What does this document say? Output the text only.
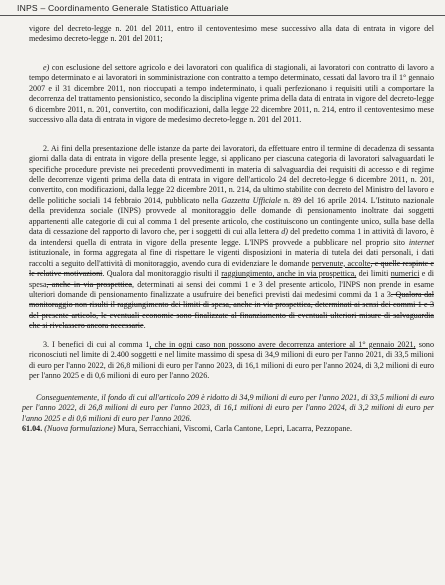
INPS – Coordinamento Generale Statistico Attuariale

vigore del decreto-legge n. 201 del 2011, entro il centoventesimo mese successivo alla data di entrata in vigore del medesimo decreto-legge n. 201 del 2011;

e) con esclusione del settore agricolo e dei lavoratori con qualifica di stagionali, ai lavoratori con contratto di lavoro a tempo determinato e ai lavoratori in somministrazione con contratto a tempo determinato, cessati dal lavoro tra il 1° gennaio 2007 e il 31 dicembre 2011, non rioccupati a tempo indeterminato, i quali perfezionano i requisiti utili a comportare la decorrenza del trattamento pensionistico, secondo la disciplina vigente prima della data di entrata in vigore del decreto-legge 6 dicembre 2011, n. 201, convertito, con modificazioni, dalla legge 22 dicembre 2011, n. 214, entro il centoventesimo mese successivo alla data di entrata in vigore de medesimo decreto-legge n. 201 del 2011.

2. Ai fini della presentazione delle istanze da parte dei lavoratori, da effettuare entro il termine di decadenza di sessanta giorni dalla data di entrata in vigore della presente legge, si applicano per ciascuna categoria di lavoratori salvaguardati le specifiche procedure previste nei precedenti provvedimenti in materia di salvaguardia dei requisiti di accesso e di regime delle decorrenze vigenti prima della data di entrata in vigore dell'articolo 24 del decreto-legge 6 dicembre 2011, n. 201, convertito, con modificazioni, dalla legge 22 dicembre 2011, n. 214, da ultimo stabilite con decreto del Ministro del lavoro e delle politiche sociali 14 febbraio 2014, pubblicato nella Gazzetta Ufficiale n. 89 del 16 aprile 2014. L'Istituto nazionale della previdenza sociale (INPS) provvede al monitoraggio delle domande di pensionamento inoltrate dai soggetti appartenenti alle categorie di cui al comma 1 del presente articolo, che costituiscono un contingente unico, sulla base della data di cessazione del rapporto di lavoro che, per i soggetti di cui alla lettera d) del predetto comma 1 in attività di lavoro, è da intendersi quella di entrata in vigore della presente legge. L'INPS provvede a pubblicare nel proprio sito internet istituzionale, in forma aggregata al fine di rispettare le vigenti disposizioni in materia di tutela dei dati personali, i dati raccolti a seguito dell'attività di monitoraggio, avendo cura di evidenziare le domande pervenute, accolte, e quelle respinte e le relative motivazioni. Qualora dal monitoraggio risulti il raggiungimento, anche in via prospettica, dei limiti numerici e di spesa, anche in via prospettica, determinati ai sensi dei commi 1 e 3 del presente articolo, l'INPS non prende in esame ulteriori domande di pensionamento finalizzate a usufruire dei benefici previsti dai medesimi commi da 1 a 3. Qualora dal monitoraggio non risulti il raggiungimento dei limiti di spesa, anche in via prospettica, determinati ai sensi dei commi 1 e 3 del presente articolo, le eventuali economie sono finalizzate al finanziamento di eventuali ulteriori misure di salvaguardia che si rivelassero ancora necessarie.

3. I benefici di cui al comma 1, che in ogni caso non possono avere decorrenza anteriore al 1° gennaio 2021, sono riconosciuti nel limite di 2.400 soggetti e nel limite massimo di spesa di 34,9 milioni di euro per l'anno 2021, di 33,5 milioni di euro per l'anno 2022, di 26,8 milioni di euro per l'anno 2023, di 16,1 milioni di euro per l'anno 2024, di 3,2 milioni di euro per l'anno 2025 e di 0,6 milioni di euro per l'anno 2026.

Conseguentemente, il fondo di cui all'articolo 209 è ridotto di 34,9 milioni di euro per l'anno 2021, di 33,5 milioni di euro per l'anno 2022, di 26,8 milioni di euro per l'anno 2023, di 16,1 milioni di euro per l'anno 2024, di 3,2 milioni di euro per l'anno 2025 e di 0,6 milioni di euro per l'anno 2026.

61.04. (Nuova formulazione) Mura, Serracchiani, Viscomi, Carla Cantone, Lepri, Lacarra, Pezzopane.
